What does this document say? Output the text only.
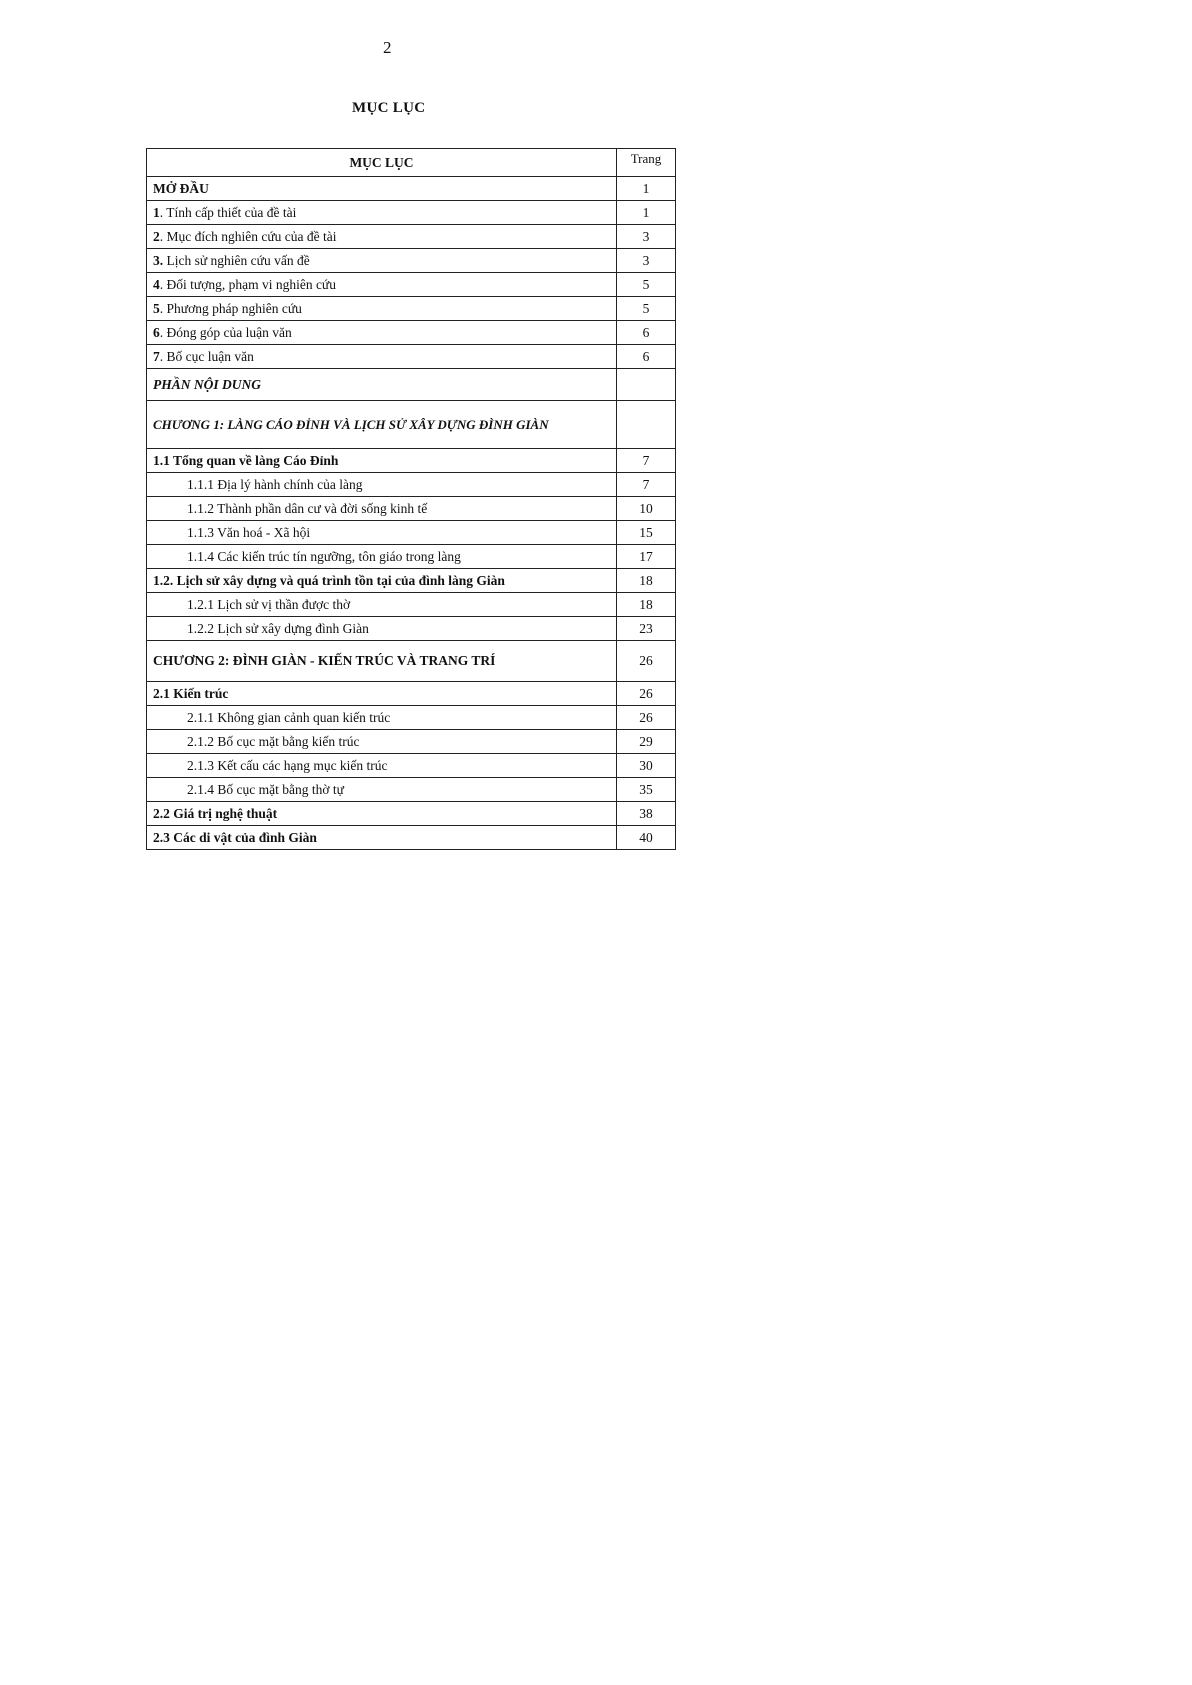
2
MỤC LỤC
MỤC LỤC	Trang
MỞ ĐẦU	1
1. Tính cấp thiết của đề tài	1
2. Mục đích nghiên cứu của đề tài	3
3. Lịch sử nghiên cứu vấn đề	3
4. Đối tượng, phạm vi nghiên cứu	5
5. Phương pháp nghiên cứu	5
6. Đóng góp của luận văn	6
7. Bố cục luận văn	6
PHẦN NỘI DUNG	
CHƯƠNG 1: LÀNG CÁO ĐỈNH VÀ LỊCH SỬ XÂY DỰNG ĐÌNH GIÀN	
1.1 Tổng quan về làng Cáo Đỉnh	7
1.1.1 Địa lý hành chính của làng	7
1.1.2 Thành phần dân cư và đời sống kinh tế	10
1.1.3 Văn hoá - Xã hội	15
1.1.4 Các kiến trúc tín ngưỡng, tôn giáo trong làng	17
1.2. Lịch sử xây dựng và quá trình tồn tại của đình làng Giàn	18
1.2.1 Lịch sử vị thần được thờ	18
1.2.2 Lịch sử xây dựng đình Giàn	23
CHƯƠNG 2: ĐÌNH GIÀN - KIẾN TRÚC VÀ TRANG TRÍ	26
2.1 Kiến trúc	26
2.1.1 Không gian cảnh quan kiến trúc	26
2.1.2 Bố cục mặt bằng kiến trúc	29
2.1.3 Kết cấu các hạng mục kiến trúc	30
2.1.4 Bố cục mặt bằng thờ tự	35
2.2 Giá trị nghệ thuật	38
2.3 Các di vật của đình Giàn	40
